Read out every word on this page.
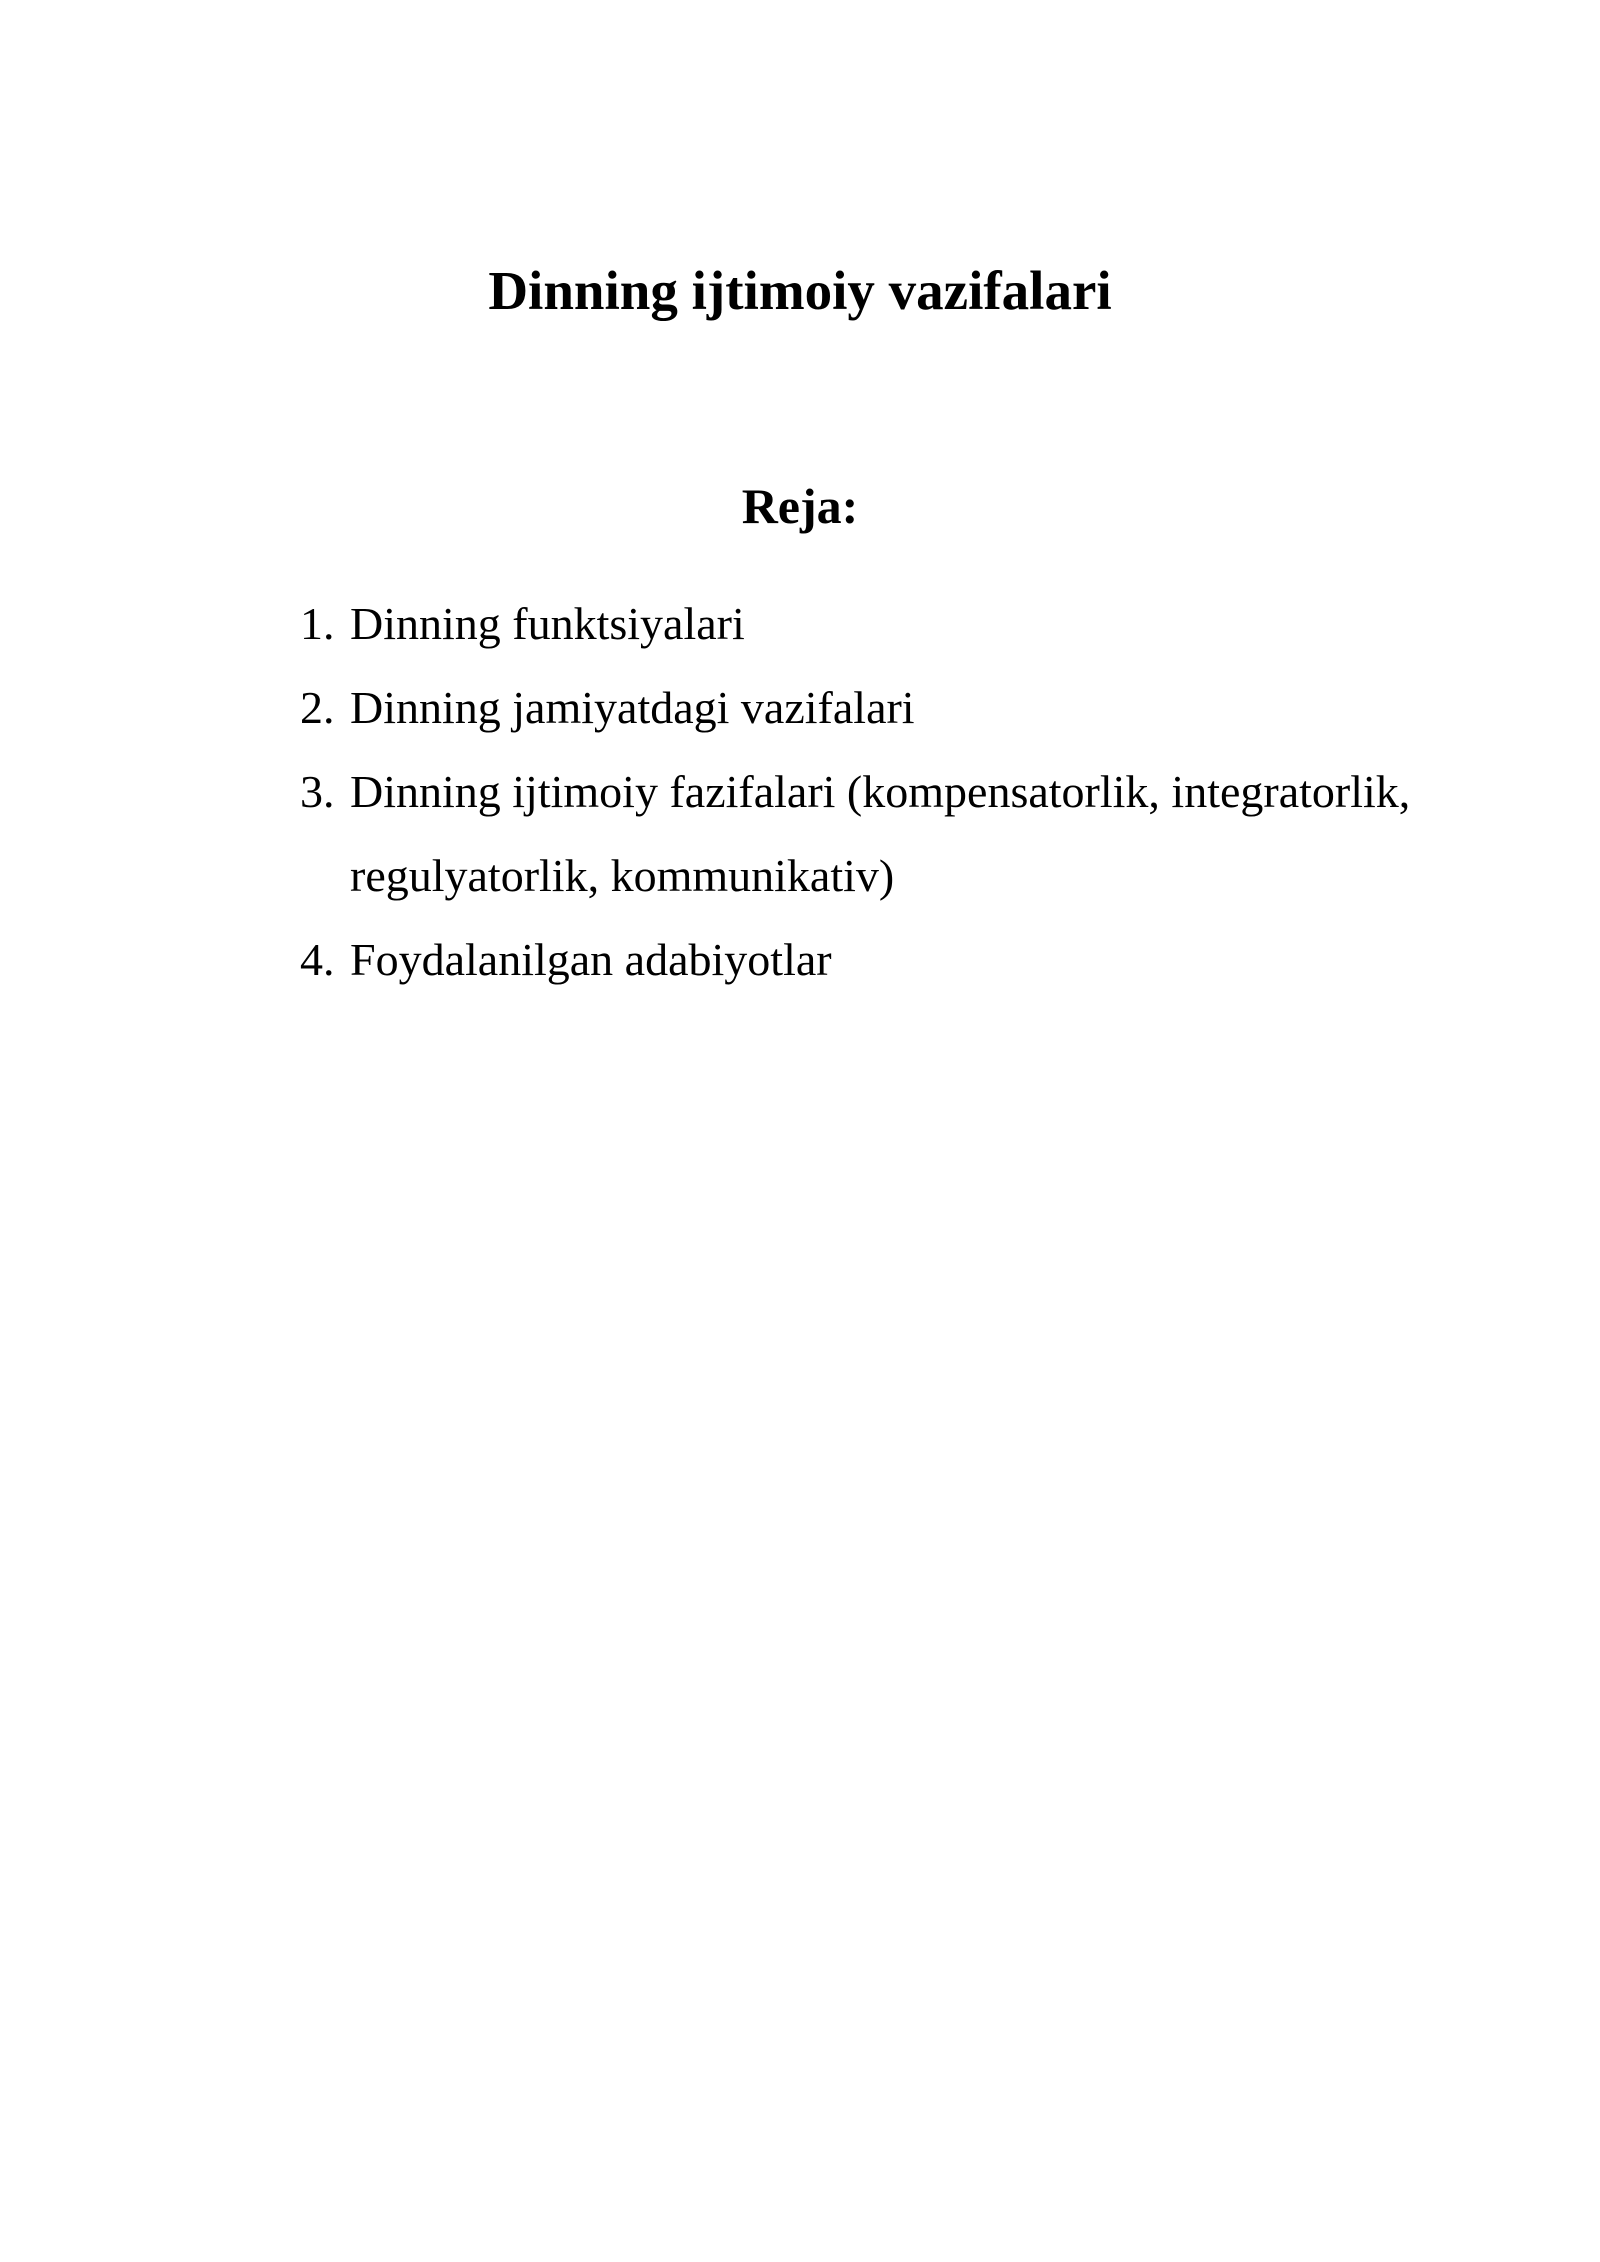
Dinning ijtimoiy vazifalari
Reja:
1. Dinning funktsiyalari
2. Dinning jamiyatdagi vazifalari
3. Dinning ijtimoiy fazifalari (kompensatorlik, integratorlik,
regulyatorlik, kommunikativ)
4. Foydalanilgan adabiyotlar
